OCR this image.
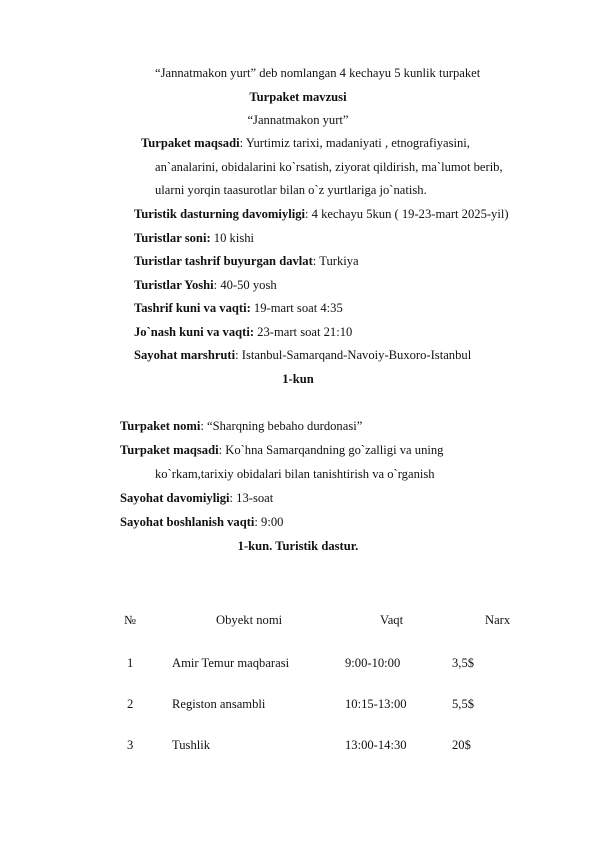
“Jannatmakon yurt” deb nomlangan 4 kechayu 5 kunlik turpaket
Turpaket mavzusi
“Jannatmakon yurt”
Turpaket maqsadi: Yurtimiz tarixi, madaniyati , etnografiyasini,
an`analarini, obidalarini ko`rsatish, ziyorat qildirish, ma`lumot berib,
ularni yorqin taasurotlar bilan o`z yurtlariga jo`natish.
Turistik dasturning davomiyligi: 4 kechayu 5kun ( 19-23-mart 2025-yil)
Turistlar soni: 10 kishi
Turistlar tashrif buyurgan davlat: Turkiya
Turistlar Yoshi: 40-50 yosh
Tashrif kuni va vaqti: 19-mart soat 4:35
Jo`nash kuni va vaqti: 23-mart soat 21:10
Sayohat marshruti: Istanbul-Samarqand-Navoiy-Buxoro-Istanbul
1-kun
Turpaket nomi: “Sharqning bebaho durdonasi”
Turpaket maqsadi: Ko`hna Samarqandning go`zalligi va uning
ko`rkam,tarixiy obidalari bilan tanishtirish va o`rganish
Sayohat davomiyligi: 13-soat
Sayohat boshlanish vaqti: 9:00
1-kun. Turistik dastur.
№	Obyekt nomi	Vaqt	Narx
1	Amir Temur maqbarasi	9:00-10:00	3,5$
2	Registon ansambli	10:15-13:00	5,5$
3	Tushlik	13:00-14:30	20$
